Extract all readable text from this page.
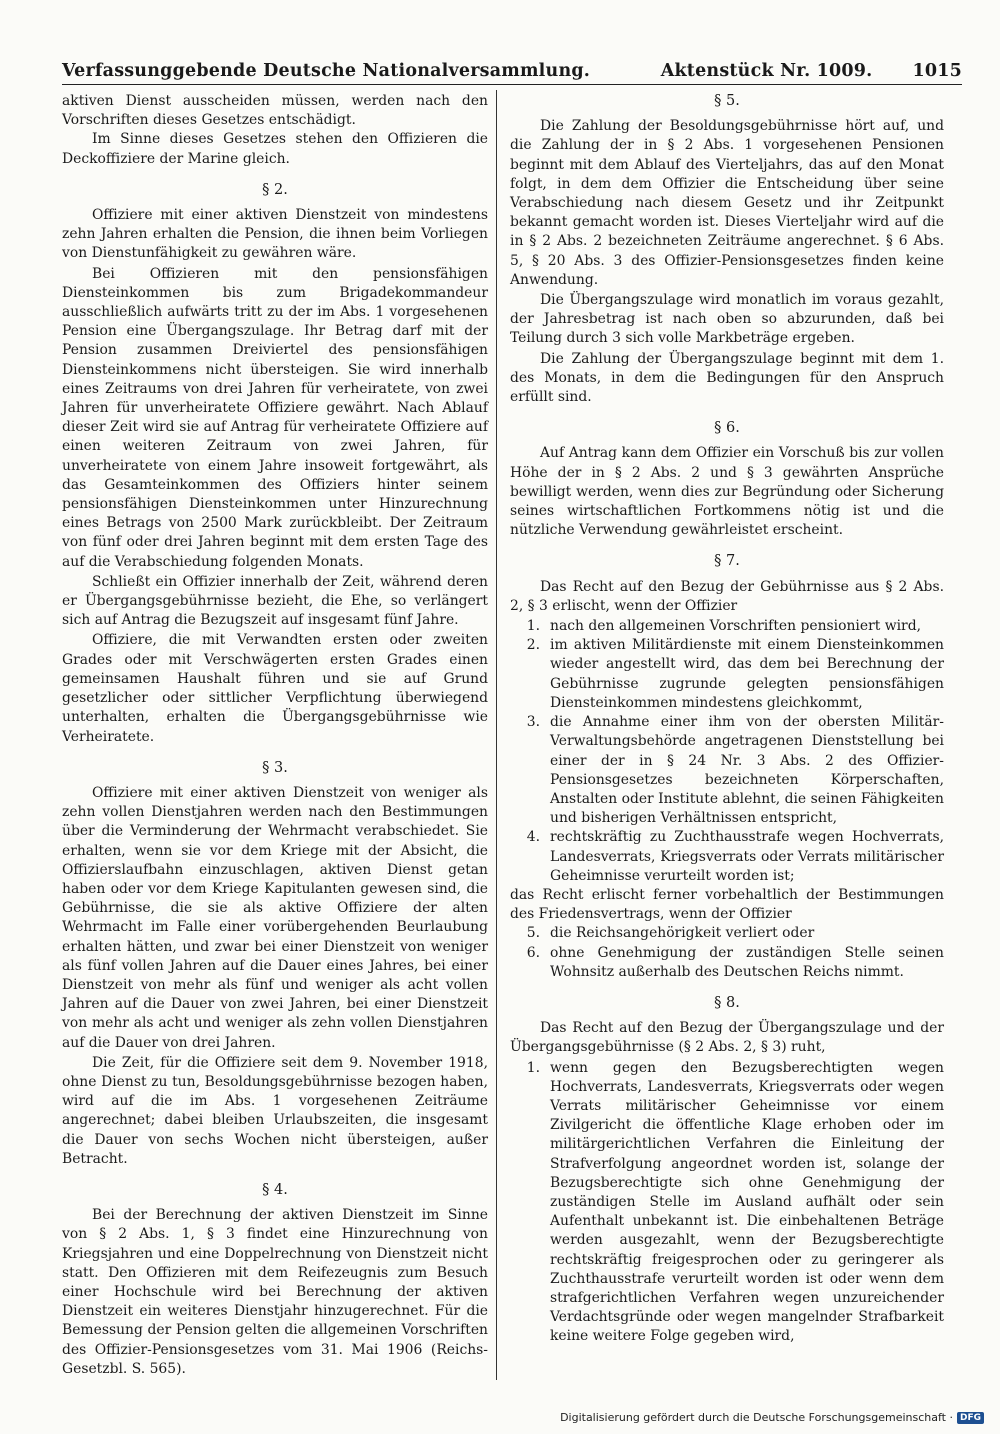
Verfassunggebende Deutsche Nationalversammlung.	Aktenstück Nr. 1009. 1015

aktiven Dienst ausscheiden müssen, werden nach den Vorschriften dieses Gesetzes entschädigt.

Im Sinne dieses Gesetzes stehen den Offizieren die Deckoffiziere der Marine gleich.

§ 2.

Offiziere mit einer aktiven Dienstzeit von mindestens zehn Jahren erhalten die Pension, die ihnen beim Vorliegen von Dienstunfähigkeit zu gewähren wäre.

Bei Offizieren mit den pensionsfähigen Diensteinkommen bis zum Brigadekommandeur ausschließlich aufwärts tritt zu der im Abs. 1 vorgesehenen Pension eine Übergangszulage. Ihr Betrag darf mit der Pension zusammen Dreiviertel des pensionsfähigen Diensteinkommens nicht übersteigen. Sie wird innerhalb eines Zeitraums von drei Jahren für verheiratete, von zwei Jahren für unverheiratete Offiziere gewährt. Nach Ablauf dieser Zeit wird sie auf Antrag für verheiratete Offiziere auf einen weiteren Zeitraum von zwei Jahren, für unverheiratete von einem Jahre insoweit fortgewährt, als das Gesamteinkommen des Offiziers hinter seinem pensionsfähigen Diensteinkommen unter Hinzurechnung eines Betrags von 2500 Mark zurückbleibt. Der Zeitraum von fünf oder drei Jahren beginnt mit dem ersten Tage des auf die Verabschiedung folgenden Monats.

Schließt ein Offizier innerhalb der Zeit, während deren er Übergangsgebührnisse bezieht, die Ehe, so verlängert sich auf Antrag die Bezugszeit auf insgesamt fünf Jahre.

Offiziere, die mit Verwandten ersten oder zweiten Grades oder mit Verschwägerten ersten Grades einen gemeinsamen Haushalt führen und sie auf Grund gesetzlicher oder sittlicher Verpflichtung überwiegend unterhalten, erhalten die Übergangsgebührnisse wie Verheiratete.

§ 3.

Offiziere mit einer aktiven Dienstzeit von weniger als zehn vollen Dienstjahren werden nach den Bestimmungen über die Verminderung der Wehrmacht verabschiedet. Sie erhalten, wenn sie vor dem Kriege mit der Absicht, die Offizierslaufbahn einzuschlagen, aktiven Dienst getan haben oder vor dem Kriege Kapitulanten gewesen sind, die Gebührnisse, die sie als aktive Offiziere der alten Wehrmacht im Falle einer vorübergehenden Beurlaubung erhalten hätten, und zwar bei einer Dienstzeit von weniger als fünf vollen Jahren auf die Dauer eines Jahres, bei einer Dienstzeit von mehr als fünf und weniger als acht vollen Jahren auf die Dauer von zwei Jahren, bei einer Dienstzeit von mehr als acht und weniger als zehn vollen Dienstjahren auf die Dauer von drei Jahren.

Die Zeit, für die Offiziere seit dem 9. November 1918, ohne Dienst zu tun, Besoldungsgebührnisse bezogen haben, wird auf die im Abs. 1 vorgesehenen Zeiträume angerechnet; dabei bleiben Urlaubszeiten, die insgesamt die Dauer von sechs Wochen nicht übersteigen, außer Betracht.

§ 4.

Bei der Berechnung der aktiven Dienstzeit im Sinne von § 2 Abs. 1, § 3 findet eine Hinzurechnung von Kriegsjahren und eine Doppelrechnung von Dienstzeit nicht statt. Den Offizieren mit dem Reifezeugnis zum Besuch einer Hochschule wird bei Berechnung der aktiven Dienstzeit ein weiteres Dienstjahr hinzugerechnet. Für die Bemessung der Pension gelten die allgemeinen Vorschriften des Offizier-Pensionsgesetzes vom 31. Mai 1906 (Reichs-Gesetzbl. S. 565).

§ 5.

Die Zahlung der Besoldungsgebührnisse hört auf, und die Zahlung der in § 2 Abs. 1 vorgesehenen Pensionen beginnt mit dem Ablauf des Vierteljahrs, das auf den Monat folgt, in dem dem Offizier die Entscheidung über seine Verabschiedung nach diesem Gesetz und ihr Zeitpunkt bekannt gemacht worden ist. Dieses Vierteljahr wird auf die in § 2 Abs. 2 bezeichneten Zeiträume angerechnet. § 6 Abs. 5, § 20 Abs. 3 des Offizier-Pensionsgesetzes finden keine Anwendung.

Die Übergangszulage wird monatlich im voraus gezahlt, der Jahresbetrag ist nach oben so abzurunden, daß bei Teilung durch 3 sich volle Markbeträge ergeben.

Die Zahlung der Übergangszulage beginnt mit dem 1. des Monats, in dem die Bedingungen für den Anspruch erfüllt sind.

§ 6.

Auf Antrag kann dem Offizier ein Vorschuß bis zur vollen Höhe der in § 2 Abs. 2 und § 3 gewährten Ansprüche bewilligt werden, wenn dies zur Begründung oder Sicherung seines wirtschaftlichen Fortkommens nötig ist und die nützliche Verwendung gewährleistet erscheint.

§ 7.

Das Recht auf den Bezug der Gebührnisse aus § 2 Abs. 2, § 3 erlischt, wenn der Offizier

1. nach den allgemeinen Vorschriften pensioniert wird,
2. im aktiven Militärdienste mit einem Diensteinkommen wieder angestellt wird, das dem bei Berechnung der Gebührnisse zugrunde gelegten pensionsfähigen Diensteinkommen mindestens gleichkommt,
3. die Annahme einer ihm von der obersten Militär-Verwaltungsbehörde angetragenen Dienststellung bei einer der in § 24 Nr. 3 Abs. 2 des Offizier-Pensionsgesetzes bezeichneten Körperschaften, Anstalten oder Institute ablehnt, die seinen Fähigkeiten und bisherigen Verhältnissen entspricht,
4. rechtskräftig zu Zuchthausstrafe wegen Hochverrats, Landesverrats, Kriegsverrats oder Verrats militärischer Geheimnisse verurteilt worden ist;

das Recht erlischt ferner vorbehaltlich der Bestimmungen des Friedensvertrags, wenn der Offizier

5. die Reichsangehörigkeit verliert oder
6. ohne Genehmigung der zuständigen Stelle seinen Wohnsitz außerhalb des Deutschen Reichs nimmt.
§ 8.

Das Recht auf den Bezug der Übergangszulage und der Übergangsgebührnisse (§ 2 Abs. 2, § 3) ruht,

1. wenn gegen den Bezugsberechtigten wegen Hochverrats, Landesverrats, Kriegsverrats oder wegen Verrats militärischer Geheimnisse vor einem Zivilgericht die öffentliche Klage erhoben oder im militärgerichtlichen Verfahren die Einleitung der Strafverfolgung angeordnet worden ist, solange der Bezugsberechtigte sich ohne Genehmigung der zuständigen Stelle im Ausland aufhält oder sein Aufenthalt unbekannt ist. Die einbehaltenen Beträge werden ausgezahlt, wenn der Bezugsberechtigte rechtskräftig freigesprochen oder zu geringerer als Zuchthausstrafe verurteilt worden ist oder wenn dem strafgerichtlichen Verfahren wegen unzureichender Verdachtsgründe oder wegen mangelnder Strafbarkeit keine weitere Folge gegeben wird,
Digitalisierung gefördert durch die Deutsche Forschungsgemeinschaft · DFG
